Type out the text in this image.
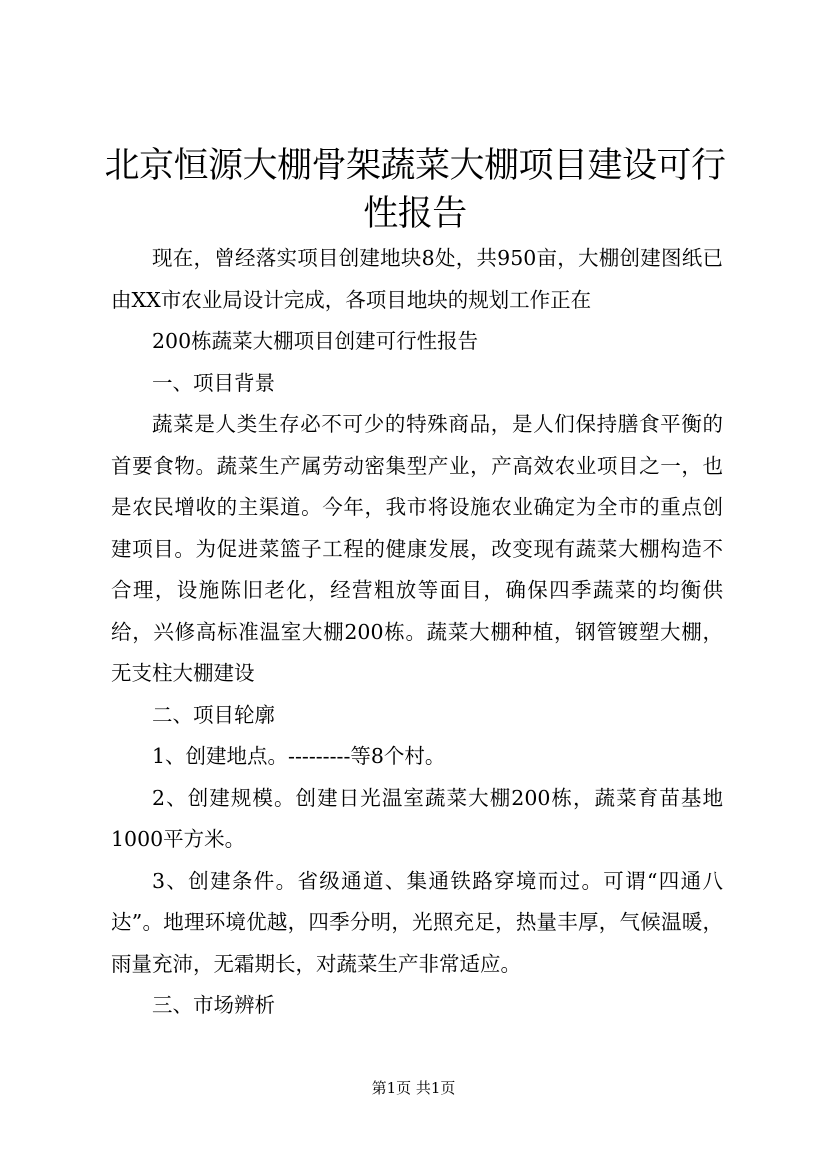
北京恒源大棚骨架蔬菜大棚项目建设可行性报告

现在，曾经落实项目创建地块8处，共950亩，大棚创建图纸已由XX市农业局设计完成，各项目地块的规划工作正在

200栋蔬菜大棚项目创建可行性报告

一、项目背景

蔬菜是人类生存必不可少的特殊商品，是人们保持膳食平衡的首要食物。蔬菜生产属劳动密集型产业，产高效农业项目之一，也是农民增收的主渠道。今年，我市将设施农业确定为全市的重点创建项目。为促进菜篮子工程的健康发展，改变现有蔬菜大棚构造不合理，设施陈旧老化，经营粗放等面目，确保四季蔬菜的均衡供给，兴修高标准温室大棚200栋。蔬菜大棚种植，钢管镀塑大棚，无支柱大棚建设

二、项目轮廓

1、创建地点。---------等8个村。

2、创建规模。创建日光温室蔬菜大棚200栋，蔬菜育苗基地1000平方米。

3、创建条件。省级通道、集通铁路穿境而过。可谓“四通八达”。地理环境优越，四季分明，光照充足，热量丰厚，气候温暖，雨量充沛，无霜期长，对蔬菜生产非常适应。

三、市场辨析

第1页 共1页
